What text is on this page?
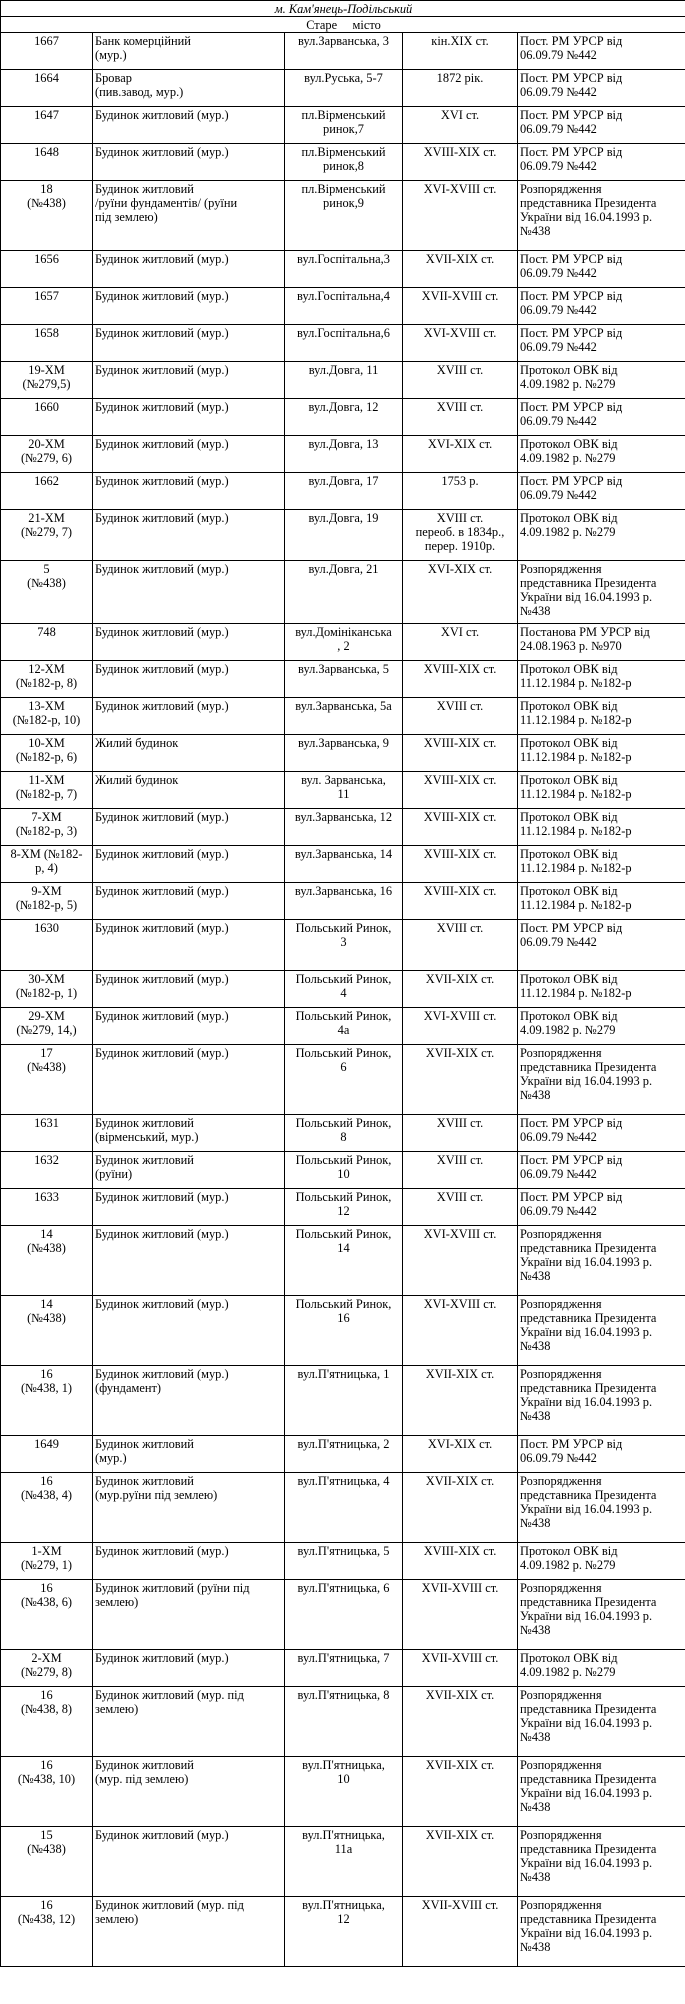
м. Кам'янець-Подільський				
Старе     місто				
1667	Банк комерційний
(мур.)	вул.Зарванська, 3	кін.XIX ст.	Пост. РМ УРСР від
06.09.79 №442
1664	Бровар
(пив.завод, мур.)	вул.Руська, 5-7	1872 рік.	Пост. РМ УРСР від
06.09.79 №442
1647	Будинок житловий (мур.)	пл.Вірменський
ринок,7	XVI ст.	Пост. РМ УРСР від
06.09.79 №442
1648	Будинок житловий (мур.)	пл.Вірменський
ринок,8	XVIII-XIX ст.	Пост. РМ УРСР від
06.09.79 №442
18
(№438)	Будинок житловий
/руїни фундаментів/ (руїни
під землею)	пл.Вірменський
ринок,9	XVI-XVIII ст.	Розпорядження
представника Президента
України від 16.04.1993 р.
№438
1656	Будинок житловий (мур.)	вул.Госпітальна,3	XVII-XIX ст.	Пост. РМ УРСР від
06.09.79 №442
1657	Будинок житловий (мур.)	вул.Госпітальна,4	XVII-XVIII ст.	Пост. РМ УРСР від
06.09.79 №442
1658	Будинок житловий (мур.)	вул.Госпітальна,6	XVI-XVIII ст.	Пост. РМ УРСР від
06.09.79 №442
19-ХМ
(№279,5)	Будинок житловий (мур.)	вул.Довга, 11	XVIII ст.	Протокол ОВК від
4.09.1982 р. №279
1660	Будинок житловий (мур.)	вул.Довга, 12	XVIII ст.	Пост. РМ УРСР від
06.09.79 №442
20-ХМ
(№279, 6)	Будинок житловий (мур.)	вул.Довга, 13	XVI-XIX ст.	Протокол ОВК від
4.09.1982 р. №279
1662	Будинок житловий (мур.)	вул.Довга, 17	1753 р.	Пост. РМ УРСР від
06.09.79 №442
21-ХМ
(№279, 7)	Будинок житловий (мур.)	вул.Довга, 19	XVIII ст.
переоб. в 1834р.,
перер. 1910р.	Протокол ОВК від
4.09.1982 р. №279
5
(№438)	Будинок житловий (мур.)	вул.Довга, 21	XVI-XIX ст.	Розпорядження
представника Президента
України від 16.04.1993 р.
№438
748	Будинок житловий (мур.)	вул.Домініканська
, 2	XVI ст.	Постанова РМ УРСР від
24.08.1963 р. №970
12-ХМ
(№182-р, 8)	Будинок житловий (мур.)	вул.Зарванська, 5	XVIII-XIX ст.	Протокол ОВК від
11.12.1984 р. №182-р
13-ХМ
(№182-р, 10)	Будинок житловий (мур.)	вул.Зарванська, 5а	XVIII ст.	Протокол ОВК від
11.12.1984 р. №182-р
10-ХМ
(№182-р, 6)	Жилий будинок	вул.Зарванська, 9	XVIII-XIX ст.	Протокол ОВК від
11.12.1984 р. №182-р
11-ХМ
(№182-р, 7)	Жилий будинок	вул. Зарванська,
11	XVIII-XIX ст.	Протокол ОВК від
11.12.1984 р. №182-р
7-ХМ
(№182-р, 3)	Будинок житловий (мур.)	вул.Зарванська, 12	XVIII-XIX ст.	Протокол ОВК від
11.12.1984 р. №182-р
8-ХМ (№182-
р, 4)	Будинок житловий (мур.)	вул.Зарванська, 14	XVIII-XIX ст.	Протокол ОВК від
11.12.1984 р. №182-р
9-ХМ
(№182-р, 5)	Будинок житловий (мур.)	вул.Зарванська, 16	XVIII-XIX ст.	Протокол ОВК від
11.12.1984 р. №182-р
1630	Будинок житловий (мур.)	Польський Ринок,
3	XVIII ст.	Пост. РМ УРСР від
06.09.79 №442
30-ХМ
(№182-р, 1)	Будинок житловий (мур.)	Польський Ринок,
4	XVII-XIX ст.	Протокол ОВК від
11.12.1984 р. №182-р
29-ХМ
(№279, 14,)	Будинок житловий (мур.)	Польський Ринок,
4а	XVI-XVIII ст.	Протокол ОВК від
4.09.1982 р. №279
17
(№438)	Будинок житловий (мур.)	Польський Ринок,
6	XVII-XIX ст.	Розпорядження
представника Президента
України від 16.04.1993 р.
№438
1631	Будинок житловий
(вірменський, мур.)	Польський Ринок,
8	XVIII ст.	Пост. РМ УРСР від
06.09.79 №442
1632	Будинок житловий
(руїни)	Польський Ринок,
10	XVIII ст.	Пост. РМ УРСР від
06.09.79 №442
1633	Будинок житловий (мур.)	Польський Ринок,
12	XVIII ст.	Пост. РМ УРСР від
06.09.79 №442
14
(№438)	Будинок житловий (мур.)	Польський Ринок,
14	XVI-XVIII ст.	Розпорядження
представника Президента
України від 16.04.1993 р.
№438
14
(№438)	Будинок житловий (мур.)	Польський Ринок,
16	XVI-XVIII ст.	Розпорядження
представника Президента
України від 16.04.1993 р.
№438
16
(№438, 1)	Будинок житловий (мур.)
(фундамент)	вул.П'ятницька, 1	XVII-XIX ст.	Розпорядження
представника Президента
України від 16.04.1993 р.
№438
1649	Будинок житловий
(мур.)	вул.П'ятницька, 2	XVI-XIX ст.	Пост. РМ УРСР від
06.09.79 №442
16
(№438, 4)	Будинок житловий
(мур.руїни під землею)	вул.П'ятницька, 4	XVII-XIX ст.	Розпорядження
представника Президента
України від 16.04.1993 р.
№438
1-ХМ
(№279, 1)	Будинок житловий (мур.)	вул.П'ятницька, 5	XVIII-XIX ст.	Протокол ОВК від
4.09.1982 р. №279
16
(№438, 6)	Будинок житловий (руїни під
землею)	вул.П'ятницька, 6	XVII-XVIII ст.	Розпорядження
представника Президента
України від 16.04.1993 р.
№438
2-ХМ
(№279, 8)	Будинок житловий (мур.)	вул.П'ятницька, 7	XVII-XVIII ст.	Протокол ОВК від
4.09.1982 р. №279
16
(№438, 8)	Будинок житловий (мур. під
землею)	вул.П'ятницька, 8	XVII-XIX ст.	Розпорядження
представника Президента
України від 16.04.1993 р.
№438
16
(№438, 10)	Будинок житловий
(мур. під землею)	вул.П'ятницька,
10	XVII-XIX ст.	Розпорядження
представника Президента
України від 16.04.1993 р.
№438
15
(№438)	Будинок житловий (мур.)	вул.П'ятницька,
11а	XVII-XIX ст.	Розпорядження
представника Президента
України від 16.04.1993 р.
№438
16
(№438, 12)	Будинок житловий (мур. під
землею)	вул.П'ятницька,
12	XVII-XVIII ст.	Розпорядження
представника Президента
України від 16.04.1993 р.
№438
